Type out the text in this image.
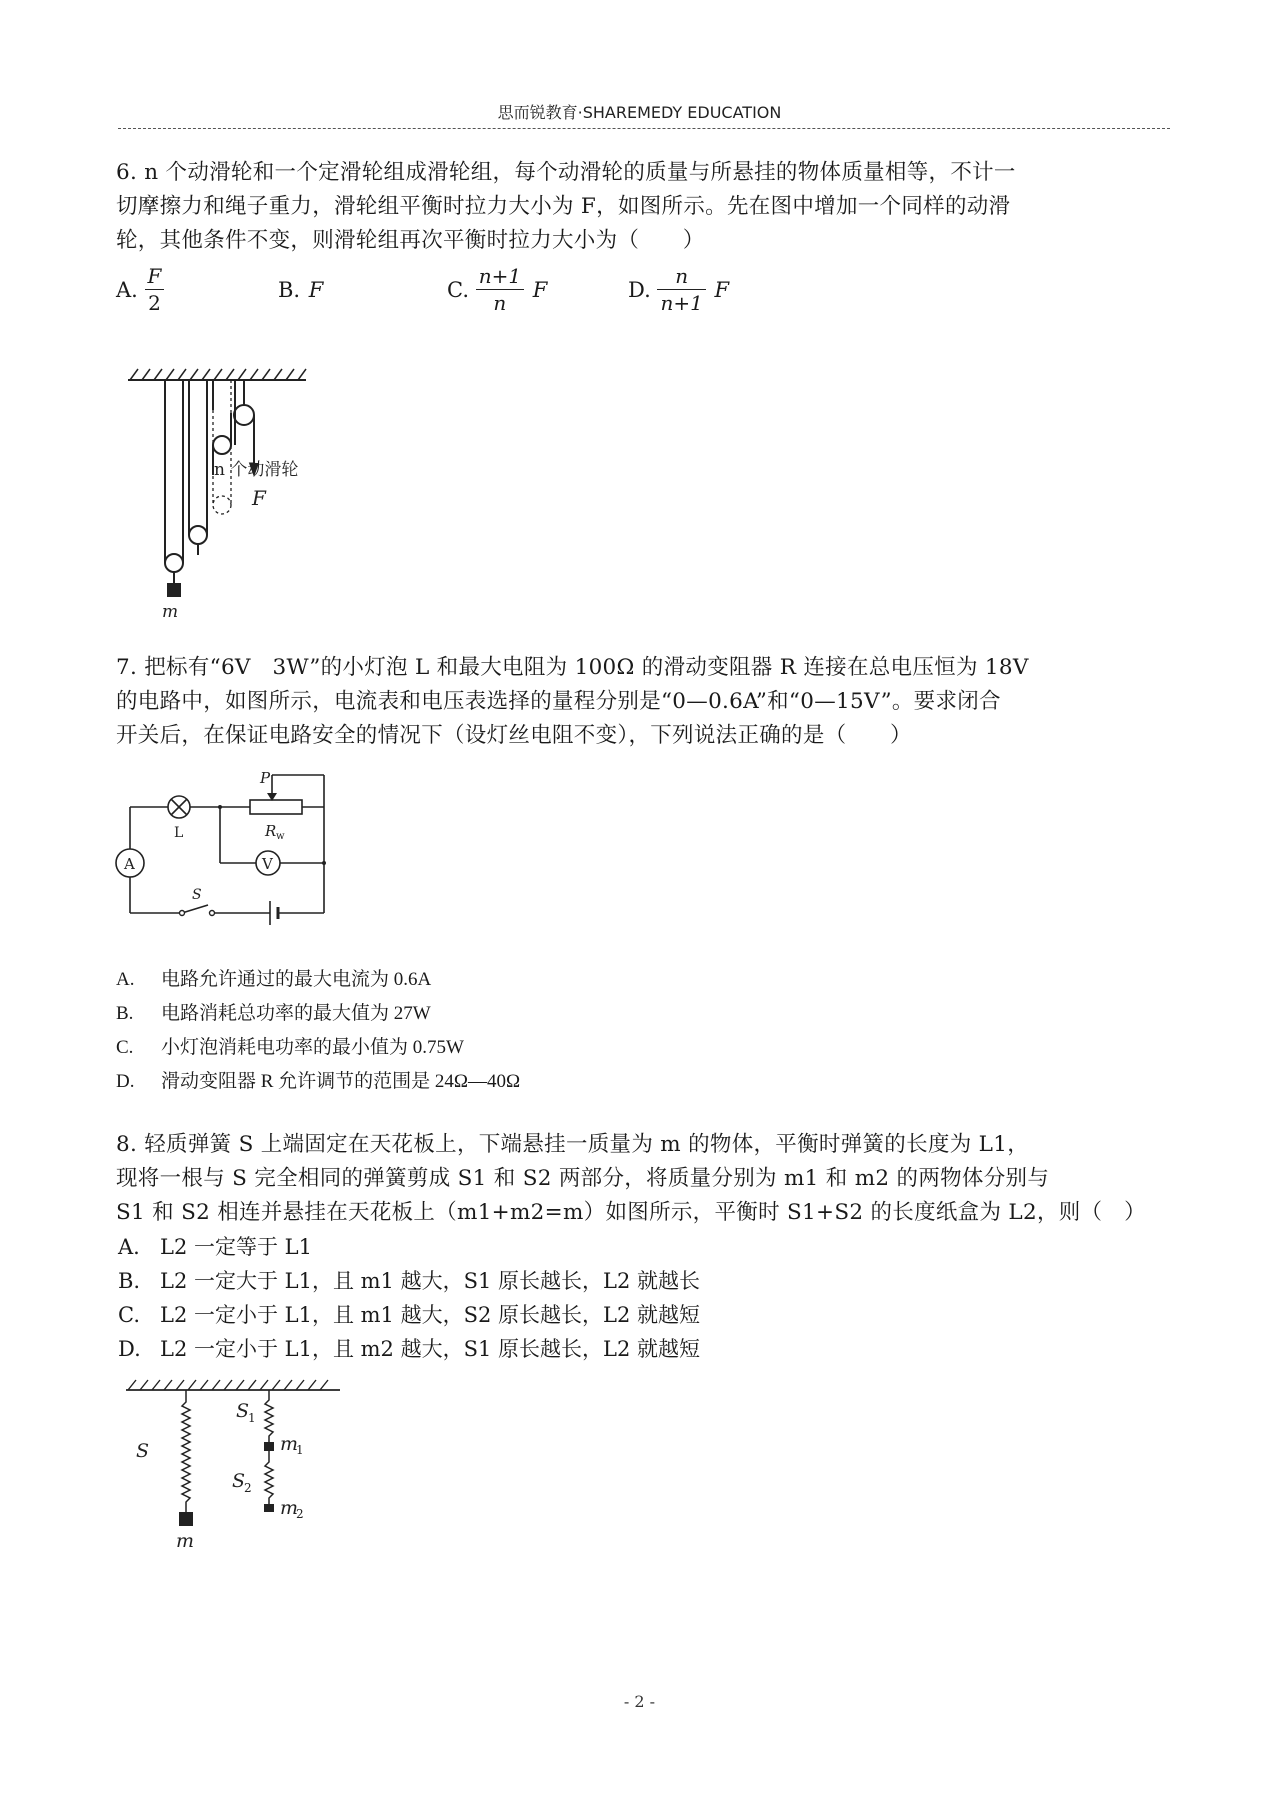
思而锐教育·SHAREMEDY EDUCATION
6. n 个动滑轮和一个定滑轮组成滑轮组，每个动滑轮的质量与所悬挂的物体质量相等，不计一
切摩擦力和绳子重力，滑轮组平衡时拉力大小为 F，如图所示。先在图中增加一个同样的动滑
轮，其他条件不变，则滑轮组再次平衡时拉力大小为（　　）
A. $\frac{F}{2}$	B. F	C. $\frac{n+1}{n}$ F	D. $\frac{n}{n+1}$ F
F
n 个动滑轮
m
7. 把标有“6V　3W”的小灯泡 L 和最大电阻为 100Ω 的滑动变阻器 R 连接在总电压恒为 18V
的电路中，如图所示，电流表和电压表选择的量程分别是“0—0.6A”和“0—15V”。要求闭合
开关后，在保证电路安全的情况下（设灯丝电阻不变），下列说法正确的是（　　）
P
L	R w
A	V
S
A. 电路允许通过的最大电流为 0.6A
B. 电路消耗总功率的最大值为 27W
C. 小灯泡消耗电功率的最小值为 0.75W
D. 滑动变阻器 R 允许调节的范围是 24Ω—40Ω
8. 轻质弹簧 S 上端固定在天花板上，下端悬挂一质量为 m 的物体，平衡时弹簧的长度为 L1，
现将一根与 S 完全相同的弹簧剪成 S1 和 S2 两部分，将质量分别为 m1 和 m2 的两物体分别与
S1 和 S2 相连并悬挂在天花板上（m1+m2=m）如图所示，平衡时 S1+S2 的长度纸盒为 L2，则（　）
A. L2 一定等于 L1
B. L2 一定大于 L1，且 m1 越大，S1 原长越长，L2 就越长
C. L2 一定小于 L1，且 m1 越大，S2 原长越长，L2 就越短
D. L2 一定小于 L1，且 m2 越大，S1 原长越长，L2 就越短
S
m
S
1
S
2
m
1
m
2
- 2 -
